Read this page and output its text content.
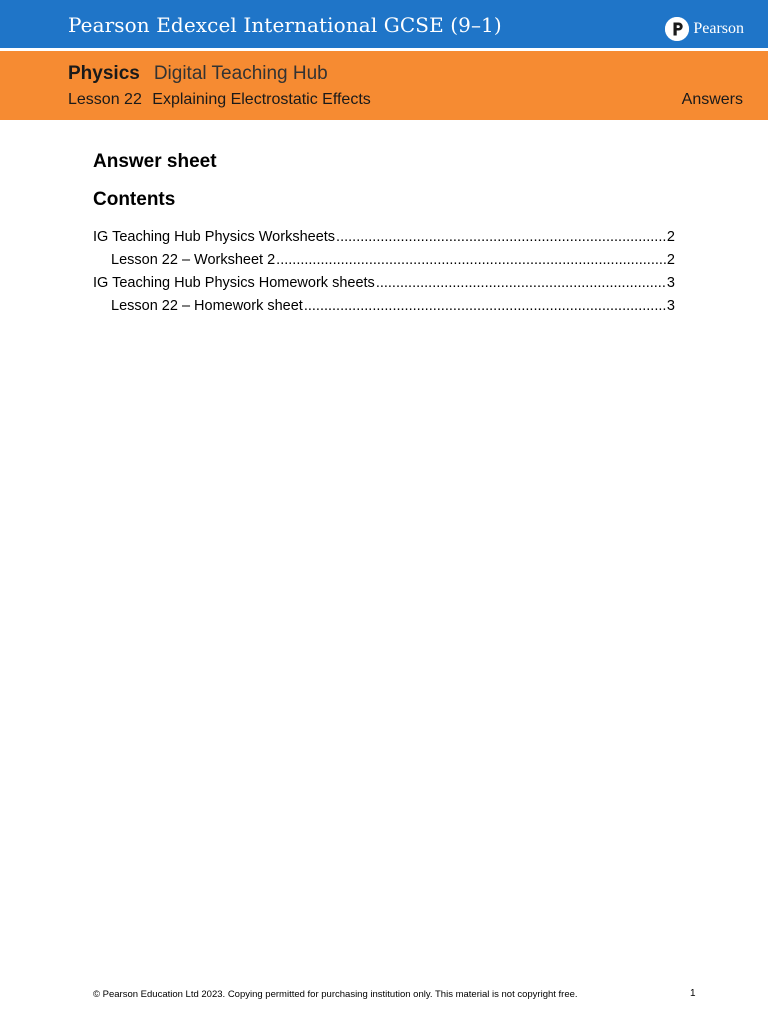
Pearson Edexcel International GCSE (9–1)	Pearson
Physics Digital Teaching Hub
Lesson 22 Explaining Electrostatic Effects	Answers
Answer sheet
Contents
IG Teaching Hub Physics Worksheets .....	2
Lesson 22 – Worksheet 2 .....	2
IG Teaching Hub Physics Homework sheets .....	3
Lesson 22 – Homework sheet .....	3
© Pearson Education Ltd 2023. Copying permitted for purchasing institution only. This material is not copyright free.	1
